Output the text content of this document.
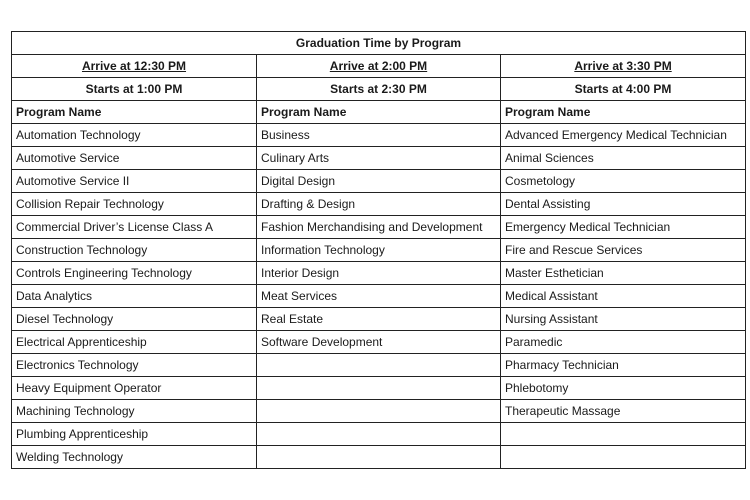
Graduation Time by Program		
Arrive at 12:30 PM	Arrive at 2:00 PM	Arrive at 3:30 PM
Starts at 1:00 PM	Starts at 2:30 PM	Starts at 4:00 PM
Program Name	Program Name	Program Name
Automation Technology	Business	Advanced Emergency Medical Technician
Automotive Service	Culinary Arts	Animal Sciences
Automotive Service II	Digital Design	Cosmetology
Collision Repair Technology	Drafting & Design	Dental Assisting
Commercial Driver’s License Class A	Fashion Merchandising and Development	Emergency Medical Technician
Construction Technology	Information Technology	Fire and Rescue Services
Controls Engineering Technology	Interior Design	Master Esthetician
Data Analytics	Meat Services	Medical Assistant
Diesel Technology	Real Estate	Nursing Assistant
Electrical Apprenticeship	Software Development	Paramedic
Electronics Technology		Pharmacy Technician
Heavy Equipment Operator		Phlebotomy
Machining Technology		Therapeutic Massage
Plumbing Apprenticeship		
Welding Technology		
